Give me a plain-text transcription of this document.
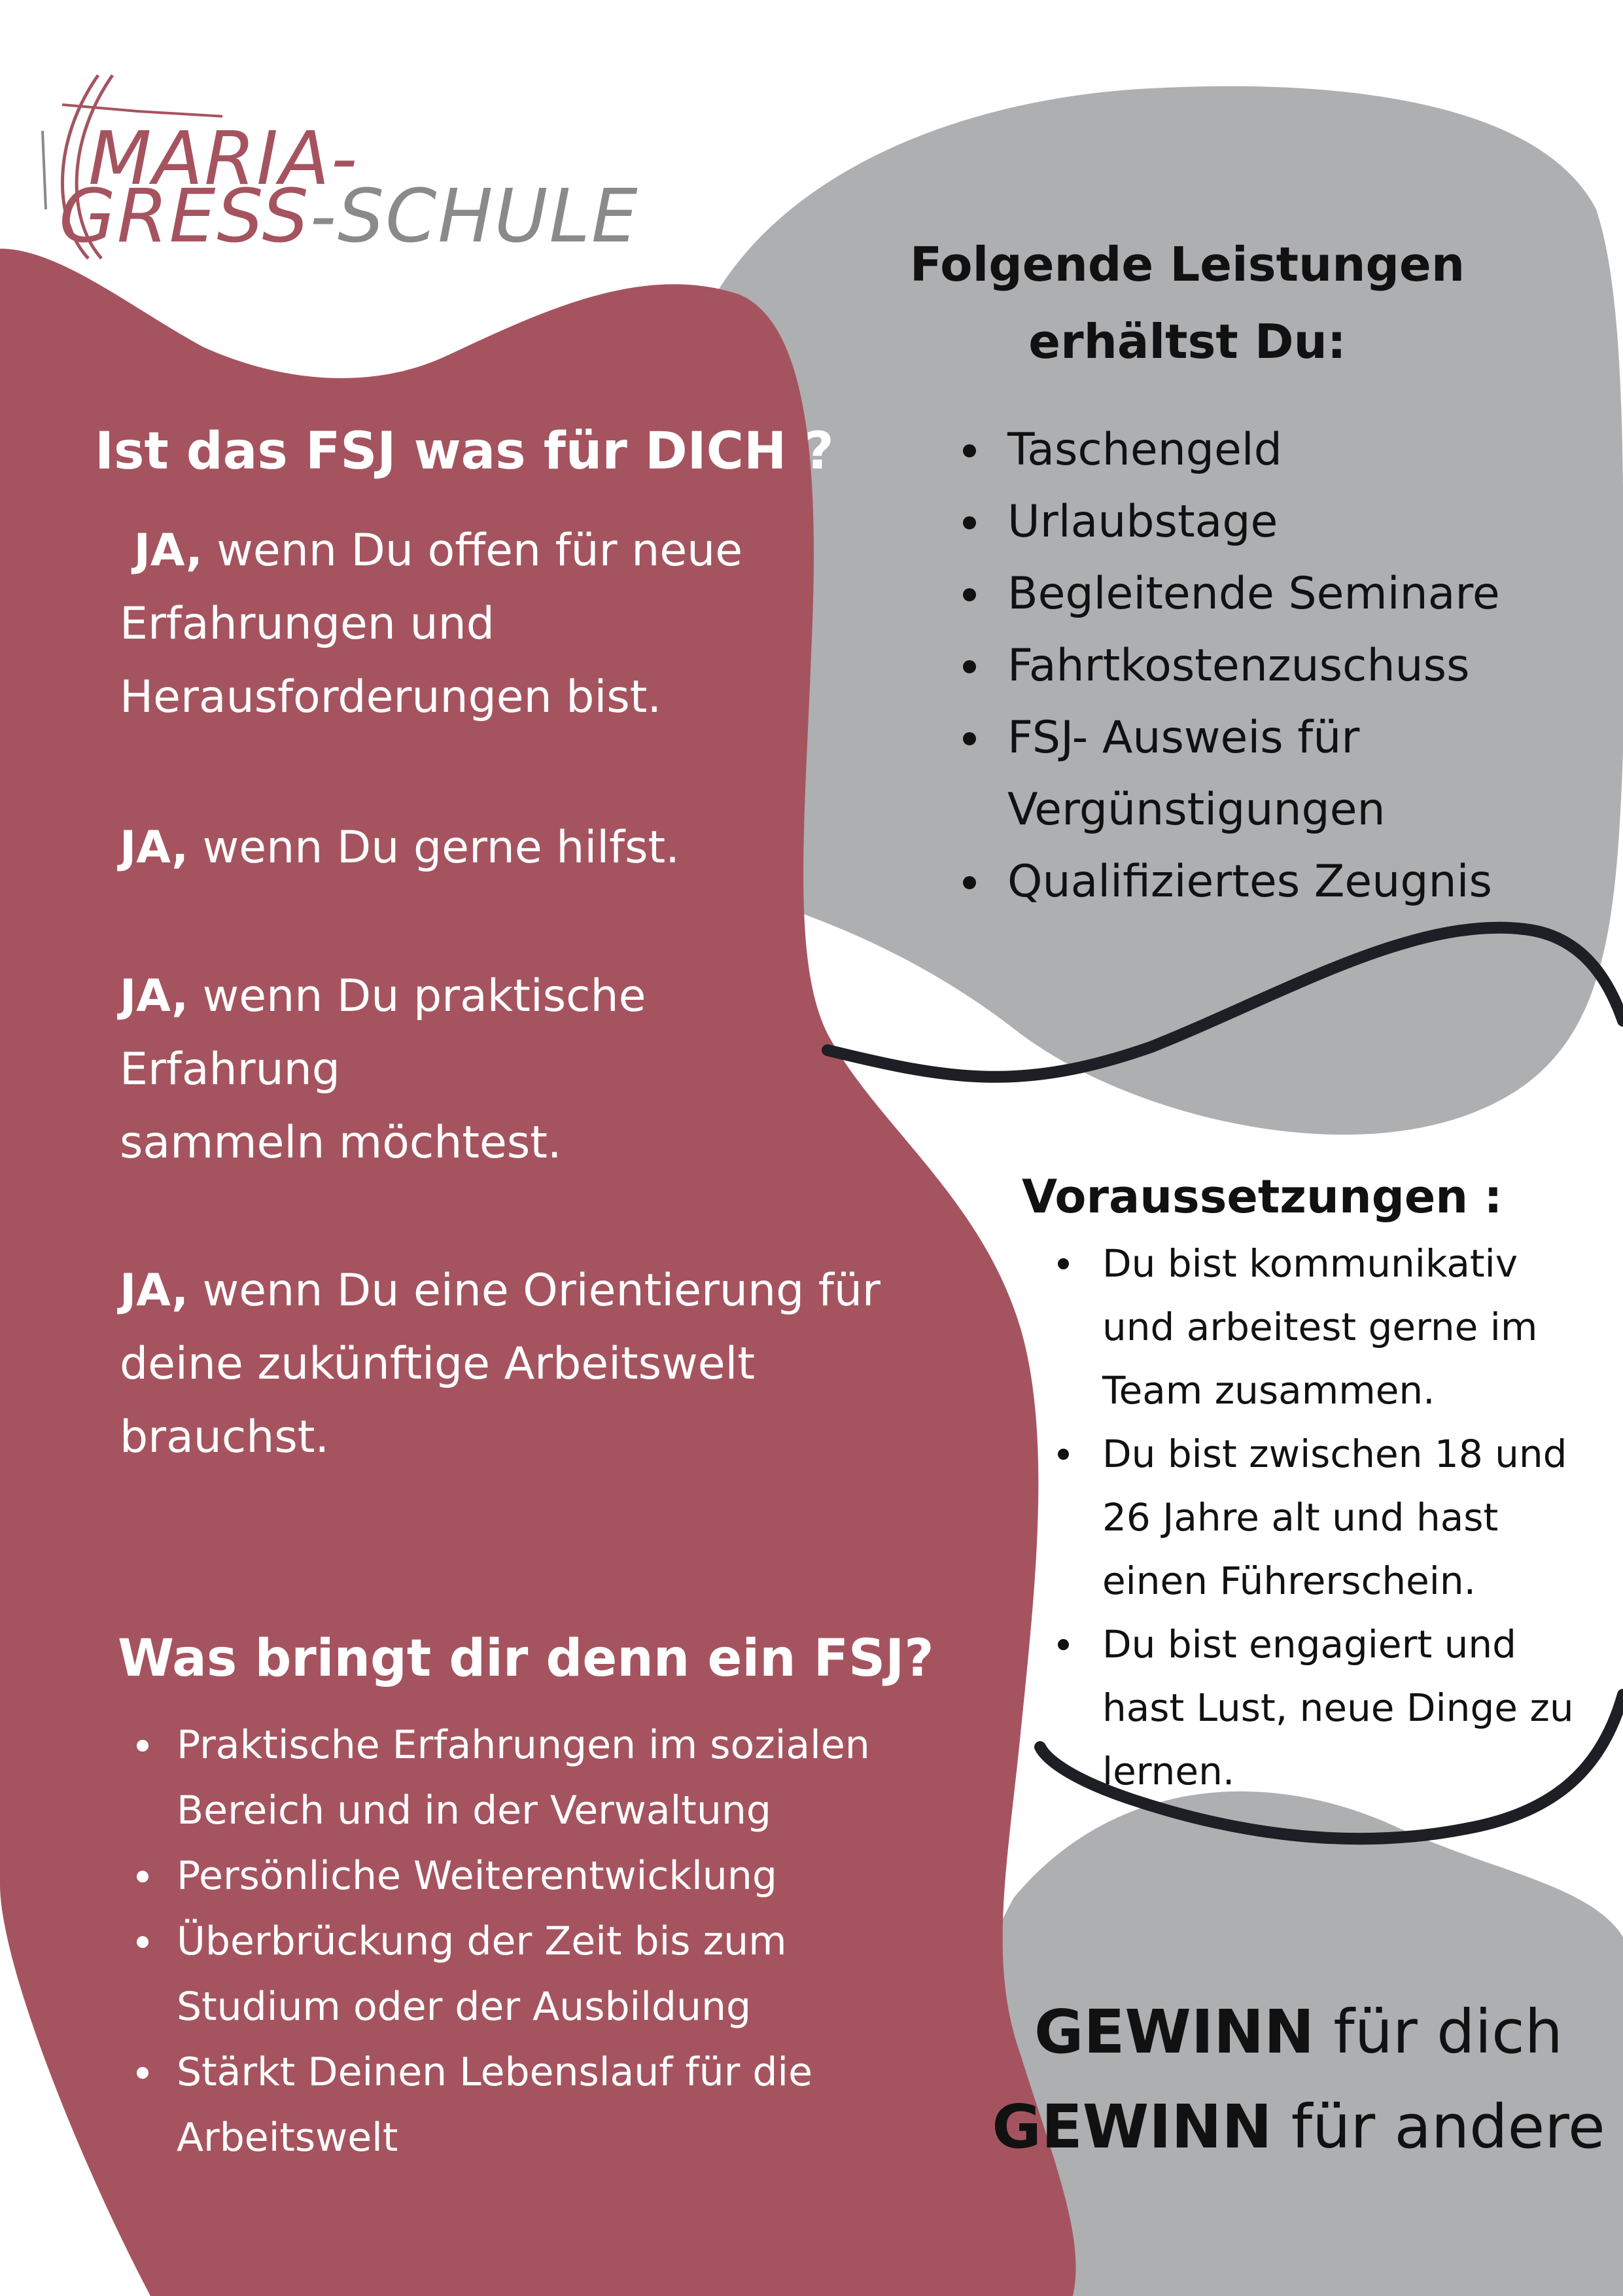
MARIA-
GRESS-SCHULE
Ist das FSJ was für DICH ?
JA, wenn Du offen für neue
Erfahrungen und
Herausforderungen bist.
JA, wenn Du gerne hilfst.
JA, wenn Du praktische
Erfahrung
sammeln möchtest.
JA, wenn Du eine Orientierung für
deine zukünftige Arbeitswelt
brauchst.
Was bringt dir denn ein FSJ?
Praktische Erfahrungen im sozialen
Bereich und in der Verwaltung
Persönliche Weiterentwicklung
Überbrückung der Zeit bis zum
Studium oder der Ausbildung
Stärkt Deinen Lebenslauf für die
Arbeitswelt
Folgende Leistungen
erhältst Du:
Taschengeld
Urlaubstage
Begleitende Seminare
Fahrtkostenzuschuss
FSJ- Ausweis für
Vergünstigungen
Qualifiziertes Zeugnis
Voraussetzungen :
Du bist kommunikativ
und arbeitest gerne im
Team zusammen.
Du bist zwischen 18 und
26 Jahre alt und hast
einen Führerschein.
Du bist engagiert und
hast Lust, neue Dinge zu
lernen.
GEWINN für dich
GEWINN für andere
